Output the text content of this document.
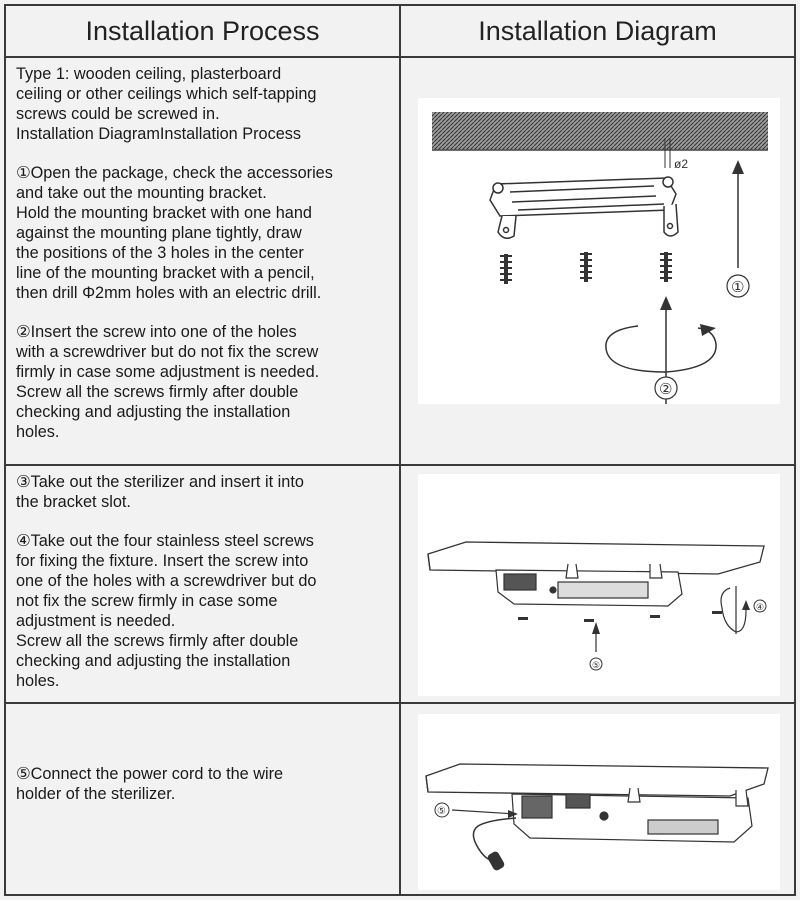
Installation Process	Installation Diagram

Type 1: wooden ceiling, plasterboard
ceiling or other ceilings which self-tapping
screws could be screwed in.
Installation DiagramInstallation Process

①Open the package, check the accessories
and take out the mounting bracket.
Hold the mounting bracket with one hand
against the mounting plane tightly, draw
the positions of the 3 holes in the center
line of the mounting bracket with a pencil,
then drill Φ2mm holes with an electric drill.

②Insert the screw into one of the holes
with a screwdriver but do not fix the screw
firmly in case some adjustment is needed.
Screw all the screws firmly after double
checking and adjusting the installation
holes.

ø2
①
②

③Take out the sterilizer and insert it into
the bracket slot.

④Take out the four stainless steel screws
for fixing the fixture. Insert the screw into
one of the holes with a screwdriver but do
not fix the screw firmly in case some
adjustment is needed.
Screw all the screws firmly after double
checking and adjusting the installation
holes.

⑤
④

⑤Connect the power cord to the wire
holder of the sterilizer.

⑤
